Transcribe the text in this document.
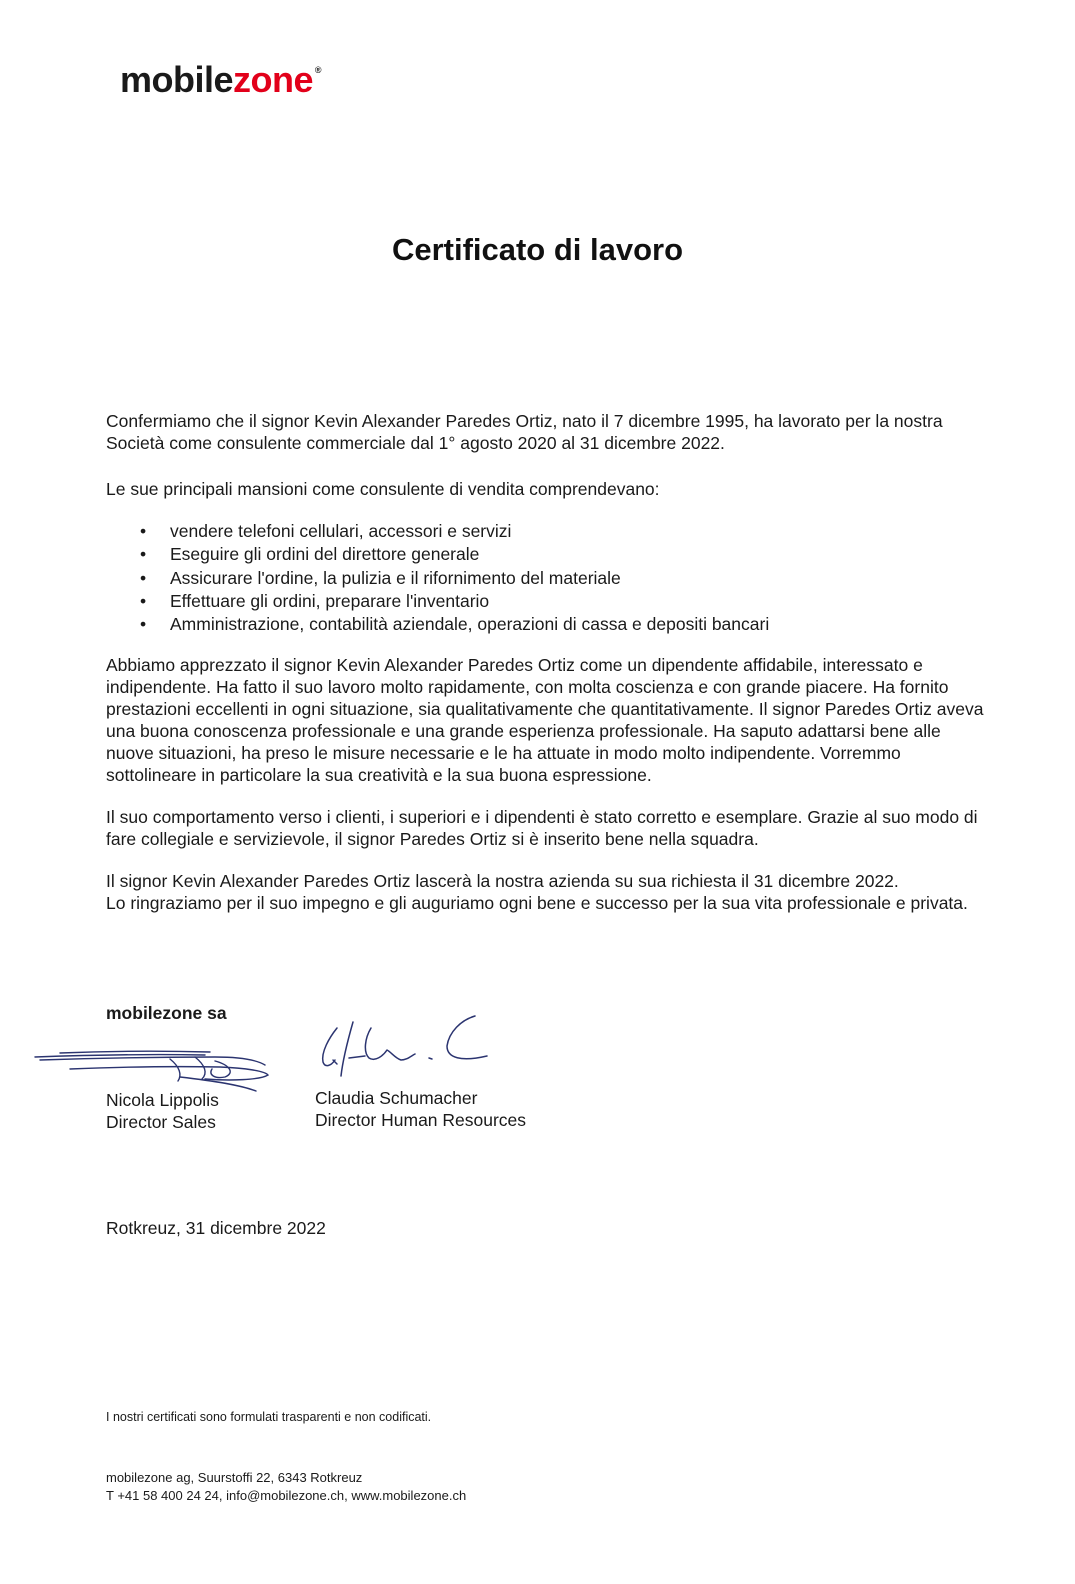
mobilezone ®
Certificato di lavoro

Confermiamo che il signor Kevin Alexander Paredes Ortiz, nato il 7 dicembre 1995, ha lavorato per la nostra Società come consulente commerciale dal 1° agosto 2020 al 31 dicembre 2022.

Le sue principali mansioni come consulente di vendita comprendevano:

• vendere telefoni cellulari, accessori e servizi
• Eseguire gli ordini del direttore generale
• Assicurare l'ordine, la pulizia e il rifornimento del materiale
• Effettuare gli ordini, preparare l'inventario
• Amministrazione, contabilità aziendale, operazioni di cassa e depositi bancari

Abbiamo apprezzato il signor Kevin Alexander Paredes Ortiz come un dipendente affidabile, interessato e indipendente. Ha fatto il suo lavoro molto rapidamente, con molta coscienza e con grande piacere. Ha fornito prestazioni eccellenti in ogni situazione, sia qualitativamente che quantitativamente. Il signor Paredes Ortiz aveva una buona conoscenza professionale e una grande esperienza professionale. Ha saputo adattarsi bene alle nuove situazioni, ha preso le misure necessarie e le ha attuate in modo molto indipendente. Vorremmo sottolineare in particolare la sua creatività e la sua buona espressione.

Il suo comportamento verso i clienti, i superiori e i dipendenti è stato corretto e esemplare. Grazie al suo modo di fare collegiale e servizievole, il signor Paredes Ortiz si è inserito bene nella squadra.

Il signor Kevin Alexander Paredes Ortiz lascerà la nostra azienda su sua richiesta il 31 dicembre 2022.
Lo ringraziamo per il suo impegno e gli auguriamo ogni bene e successo per la sua vita professionale e privata.

mobilezone sa

Nicola Lippolis
Director Sales
Claudia Schumacher
Director Human Resources

Rotkreuz, 31 dicembre 2022

I nostri certificati sono formulati trasparenti e non codificati.

mobilezone ag, Suurstoffi 22, 6343 Rotkreuz
T +41 58 400 24 24, info@mobilezone.ch, www.mobilezone.ch
